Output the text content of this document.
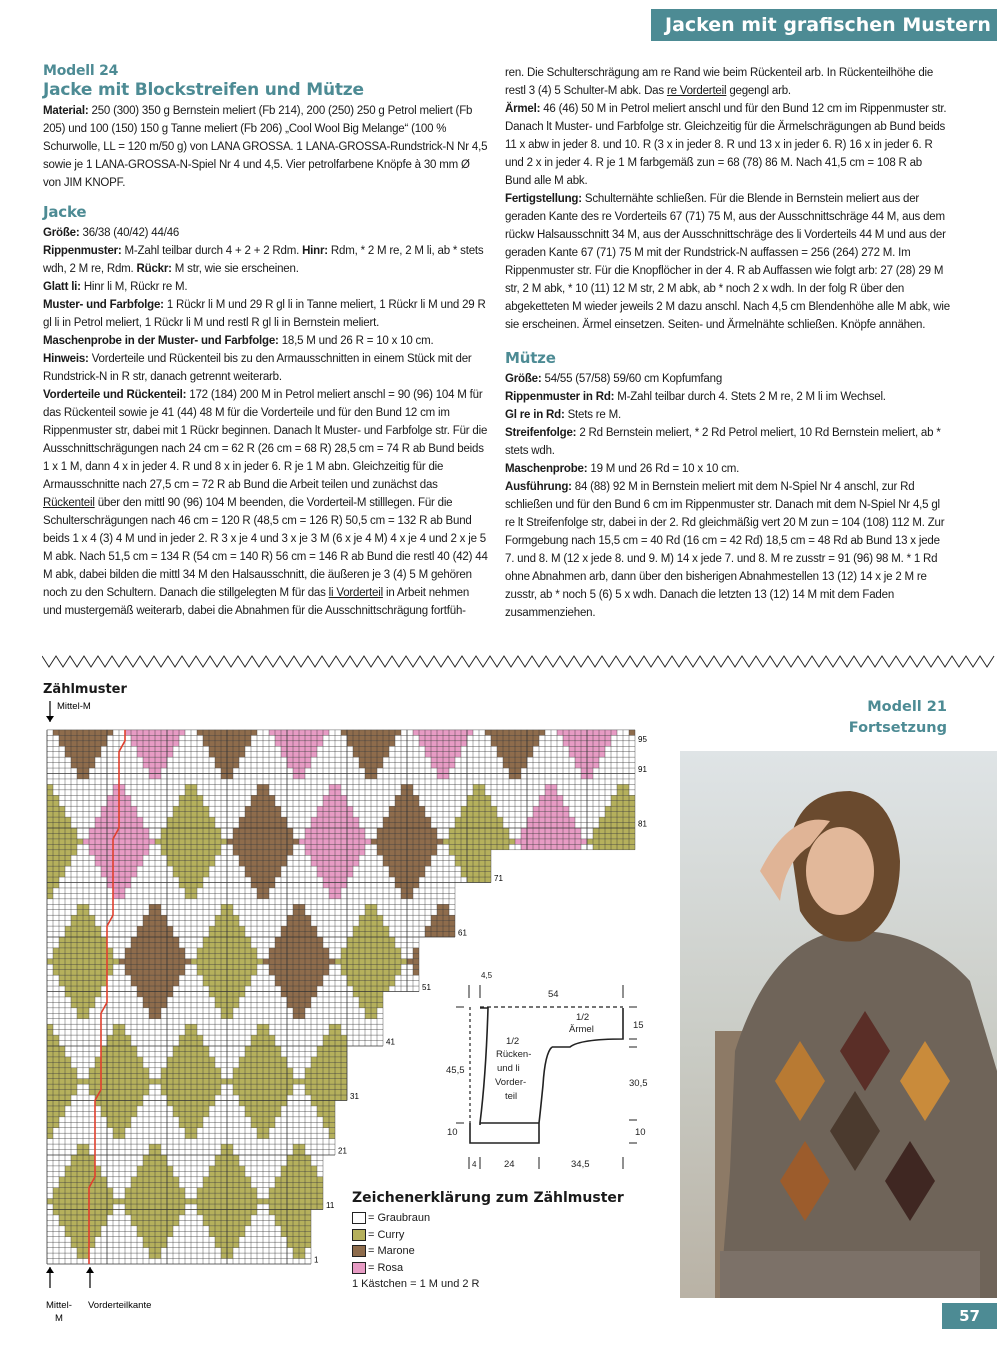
Jacken mit grafischen Mustern
Modell 24
Jacke mit Blockstreifen und Mütze

Material: 250 (300) 350 g Bernstein meliert (Fb 214), 200 (250) 250 g Petrol meliert (Fb 205) und 100 (150) 150 g Tanne meliert (Fb 206) „Cool Wool Big Melange“ (100 % Schurwolle, LL = 120 m/50 g) von LANA GROSSA. 1 LANA-GROSSA-Rundstrick-N Nr 4,5 sowie je 1 LANA-GROSSA-N-Spiel Nr 4 und 4,5. Vier petrolfarbene Knöpfe à 30 mm Ø von JIM KNOPF.

Jacke

Größe: 36/38 (40/42) 44/46

Rippenmuster: M-Zahl teilbar durch 4 + 2 + 2 Rdm. Hinr: Rdm, * 2 M re, 2 M li, ab * stets wdh, 2 M re, Rdm. Rückr: M str, wie sie erscheinen.

Glatt li: Hinr li M, Rückr re M.

Muster- und Farbfolge: 1 Rückr li M und 29 R gl li in Tanne meliert, 1 Rückr li M und 29 R gl li in Petrol meliert, 1 Rückr li M und restl R gl li in Bernstein meliert.

Maschenprobe in der Muster- und Farbfolge: 18,5 M und 26 R = 10 x 10 cm.

Hinweis: Vorderteile und Rückenteil bis zu den Armausschnitten in einem Stück mit der Rundstrick-N in R str, danach getrennt weiterarb.

Vorderteile und Rückenteil: 172 (184) 200 M in Petrol meliert anschl = 90 (96) 104 M für das Rückenteil sowie je 41 (44) 48 M für die Vorderteile und für den Bund 12 cm im Rippenmuster str, dabei mit 1 Rückr beginnen. Danach lt Muster- und Farbfolge str. Für die Ausschnittschrägungen nach 24 cm = 62 R (26 cm = 68 R) 28,5 cm = 74 R ab Bund beids 1 x 1 M, dann 4 x in jeder 4. R und 8 x in jeder 6. R je 1 M abn. Gleichzeitig für die Armausschnitte nach 27,5 cm = 72 R ab Bund die Arbeit teilen und zunächst das Rückenteil über den mittl 90 (96) 104 M beenden, die Vorderteil-M stilllegen. Für die Schulterschrägungen nach 46 cm = 120 R (48,5 cm = 126 R) 50,5 cm = 132 R ab Bund beids 1 x 4 (3) 4 M und in jeder 2. R 3 x je 4 und 3 x je 3 M (6 x je 4 M) 4 x je 4 und 2 x je 5 M abk. Nach 51,5 cm = 134 R (54 cm = 140 R) 56 cm = 146 R ab Bund die restl 40 (42) 44 M abk, dabei bilden die mittl 34 M den Halsausschnitt, die äußeren je 3 (4) 5 M gehören noch zu den Schultern. Danach die stillgelegten M für das li Vorderteil in Arbeit nehmen und mustergemäß weiterarb, dabei die Abnahmen für die Ausschnittschrägung fortfüh-

ren. Die Schulterschrägung am re Rand wie beim Rückenteil arb. In Rückenteilhöhe die restl 3 (4) 5 Schulter-M abk. Das re Vorderteil gegengl arb.

Ärmel: 46 (46) 50 M in Petrol meliert anschl und für den Bund 12 cm im Rippenmuster str. Danach lt Muster- und Farbfolge str. Gleichzeitig für die Ärmelschrägungen ab Bund beids 11 x abw in jeder 8. und 10. R (3 x in jeder 8. R und 13 x in jeder 6. R) 16 x in jeder 6. R und 2 x in jeder 4. R je 1 M farbgemäß zun = 68 (78) 86 M. Nach 41,5 cm = 108 R ab Bund alle M abk.

Fertigstellung: Schulternähte schließen. Für die Blende in Bernstein meliert aus der geraden Kante des re Vorderteils 67 (71) 75 M, aus der Ausschnittschräge 44 M, aus dem rückw Halsausschnitt 34 M, aus der Ausschnittschräge des li Vorderteils 44 M und aus der geraden Kante 67 (71) 75 M mit der Rundstrick-N auffassen = 256 (264) 272 M. Im Rippenmuster str. Für die Knopflöcher in der 4. R ab Auffassen wie folgt arb: 27 (28) 29 M str, 2 M abk, * 10 (11) 12 M str, 2 M abk, ab * noch 2 x wdh. In der folg R über den abgeketteten M wieder jeweils 2 M dazu anschl. Nach 4,5 cm Blendenhöhe alle M abk, wie sie erscheinen. Ärmel einsetzen. Seiten- und Ärmelnähte schließen. Knöpfe annähen.

Mütze

Größe: 54/55 (57/58) 59/60 cm Kopfumfang

Rippenmuster in Rd: M-Zahl teilbar durch 4. Stets 2 M re, 2 M li im Wechsel.

Gl re in Rd: Stets re M.

Streifenfolge: 2 Rd Bernstein meliert, * 2 Rd Petrol meliert, 10 Rd Bernstein meliert, ab * stets wdh.

Maschenprobe: 19 M und 26 Rd = 10 x 10 cm.

Ausführung: 84 (88) 92 M in Bernstein meliert mit dem N-Spiel Nr 4 anschl, zur Rd schließen und für den Bund 6 cm im Rippenmuster str. Danach mit dem N-Spiel Nr 4,5 gl re lt Streifenfolge str, dabei in der 2. Rd gleichmäßig vert 20 M zun = 104 (108) 112 M. Zur Formgebung nach 15,5 cm = 40 Rd (16 cm = 42 Rd) 18,5 cm = 48 Rd ab Bund 13 x jede 7. und 8. M (12 x jede 8. und 9. M) 14 x jede 7. und 8. M re zusstr = 91 (96) 98 M. * 1 Rd ohne Abnahmen arb, dann über den bisherigen Abnahmestellen 13 (12) 14 x je 2 M re zusstr, ab * noch 5 (6) 5 x wdh. Danach die letzten 13 (12) 14 M mit dem Faden zusammenziehen.

Zählmuster
Mittel-M
95
91
81
71
61
51
41
31
21
11
1
Mittel-
M
Vorderteilkante
4,5
54
1/2
Ärmel	15
45,5
1/2
Rücken-
und li
Vorder-
teil
30,5
10	10
4	24	34,5
Zeichenerklärung zum Zählmuster
= Graubraun
= Curry
= Marone
= Rosa
1 Kästchen = 1 M und 2 R
Modell 21
Fortsetzung
57
